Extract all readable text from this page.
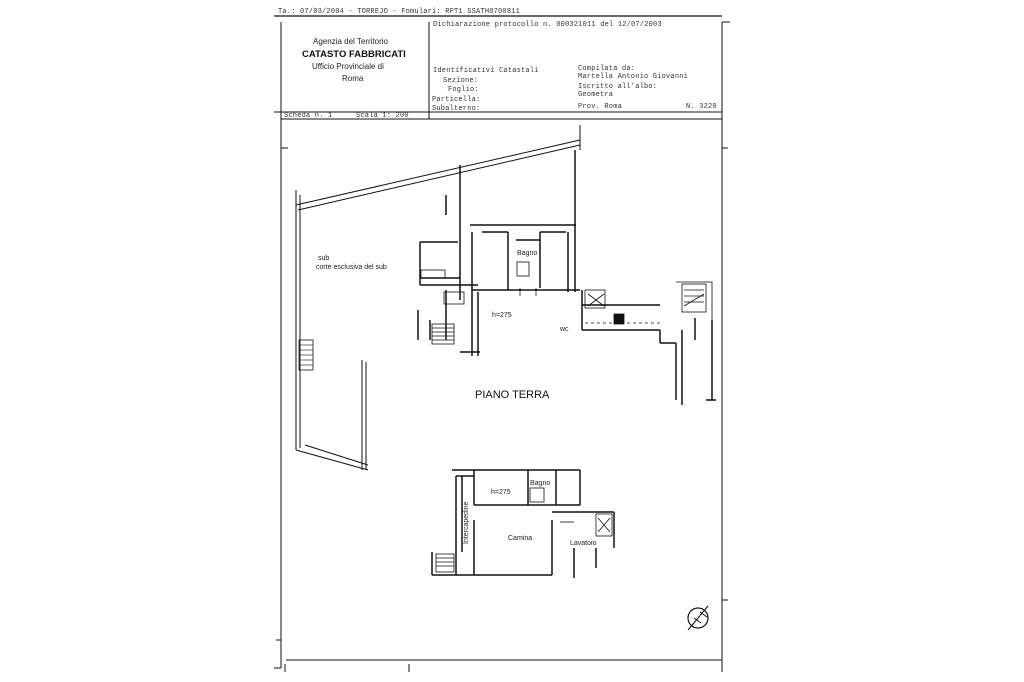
Ta.: 07/03/2004 - TORREJO - Fomulari: RPT1 SSATH0700811
Agenzia del Territorio
CATASTO FABBRICATI
Ufficio Provinciale di
Roma
Dichiarazione protocollo n. 000321011 del 12/07/2003
Identificativi Catastali
Sezione:
Foglio:
Particella:
Subalterno:
Compilata da:
Martella Antonio Giovanni
Iscritto all'albo:
Geometra
Prov. Roma	N. 3220
Scheda n. 1	Scala 1: 200
sub
corte esclusiva del sub
Bagno
h=275
wc
PIANO TERRA
Bagno
h=275
Intercapedine	Camina
Lavatoio
